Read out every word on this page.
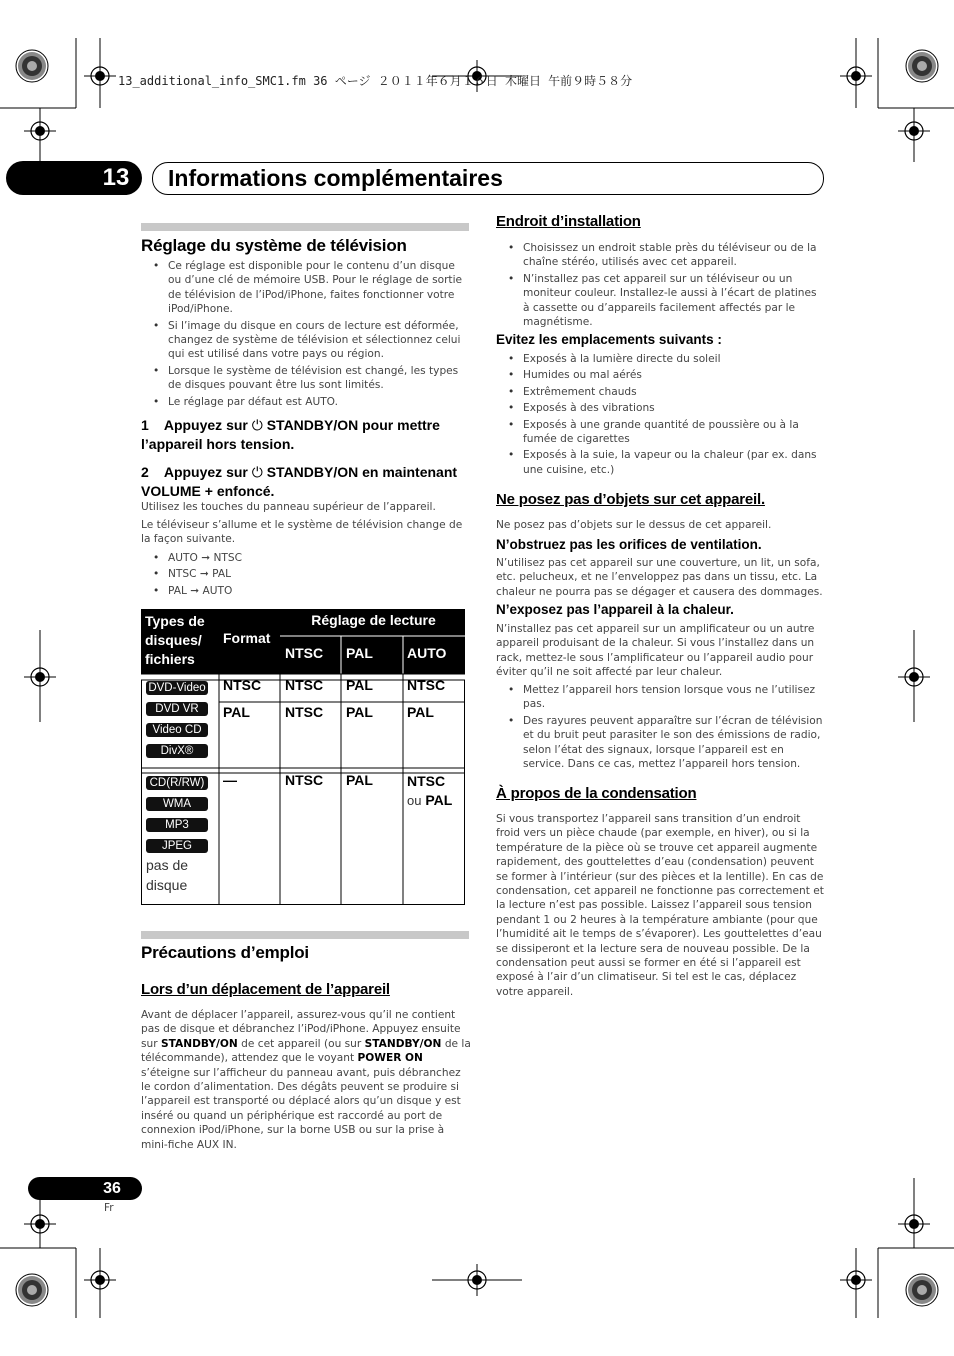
13_additional_info_SMC1.fm 36 ページ ２０１１年６月１６日 木曜日 午前９時５８分
13 Informations complémentaires
Réglage du système de télévision
• Ce réglage est disponible pour le contenu d’un disque ou d’une clé de mémoire USB. Pour le réglage de sortie de télévision de l’iPod/iPhone, faites fonctionner votre iPod/iPhone.
• Si l’image du disque en cours de lecture est déformée, changez de système de télévision et sélectionnez celui qui est utilisé dans votre pays ou région.
• Lorsque le système de télévision est changé, les types de disques pouvant être lus sont limités.
• Le réglage par défaut est AUTO.
1 Appuyez sur ⏻ STANDBY/ON pour mettre l’appareil hors tension.
2 Appuyez sur ⏻ STANDBY/ON en maintenant VOLUME + enfoncé.
Utilisez les touches du panneau supérieur de l’appareil.
Le téléviseur s’allume et le système de télévision change de la façon suivante.
• AUTO ➞ NTSC
• NTSC ➞ PAL
• PAL ➞ AUTO
Types de disques/ fichiers
Format
Réglage de lecture
NTSC PAL AUTO
DVD-Video
DVD VR
Video CD
DivX®
NTSC NTSC PAL NTSC
PAL	NTSC PAL PAL
CD(R/RW)
WMA
MP3
JPEG
pas de disque
—	NTSC PAL NTSC
ou PAL
Précautions d’emploi
Lors d’un déplacement de l’appareil
Avant de déplacer l’appareil, assurez-vous qu’il ne contient pas de disque et débranchez l’iPod/iPhone. Appuyez ensuite sur STANDBY/ON de cet appareil (ou sur STANDBY/ON de la télécommande), attendez que le voyant POWER ON s’éteigne sur l’afficheur du panneau avant, puis débranchez le cordon d’alimentation. Des dégâts peuvent se produire si l’appareil est transporté ou déplacé alors qu’un disque y est inséré ou quand un périphérique est raccordé au port de connexion iPod/iPhone, sur la borne USB ou sur la prise à mini-fiche AUX IN.
Endroit d’installation
• Choisissez un endroit stable près du téléviseur ou de la chaîne stéréo, utilisés avec cet appareil.
• N’installez pas cet appareil sur un téléviseur ou un moniteur couleur. Installez-le aussi à l’écart de platines à cassette ou d’appareils facilement affectés par le magnétisme.
Evitez les emplacements suivants :
• Exposés à la lumière directe du soleil
• Humides ou mal aérés
• Extrêmement chauds
• Exposés à des vibrations
• Exposés à une grande quantité de poussière ou à la fumée de cigarettes
• Exposés à la suie, la vapeur ou la chaleur (par ex. dans une cuisine, etc.)
Ne posez pas d’objets sur cet appareil.
Ne posez pas d’objets sur le dessus de cet appareil.
N’obstruez pas les orifices de ventilation.
N’utilisez pas cet appareil sur une couverture, un lit, un sofa, etc. pelucheux, et ne l’enveloppez pas dans un tissu, etc. La chaleur ne pourra pas se dégager et causera des dommages.
N’exposez pas l’appareil à la chaleur.
N’installez pas cet appareil sur un amplificateur ou un autre appareil produisant de la chaleur. Si vous l’installez dans un rack, mettez-le sous l’amplificateur ou l’appareil audio pour éviter qu’il ne soit affecté par leur chaleur.
• Mettez l’appareil hors tension lorsque vous ne l’utilisez pas.
• Des rayures peuvent apparaître sur l’écran de télévision et du bruit peut parasiter le son des émissions de radio, selon l’état des signaux, lorsque l’appareil est en service. Dans ce cas, mettez l’appareil hors tension.
À propos de la condensation
Si vous transportez l’appareil sans transition d’un endroit froid vers un pièce chaude (par exemple, en hiver), ou si la température de la pièce où se trouve cet appareil augmente rapidement, des gouttelettes d’eau (condensation) peuvent se former à l’intérieur (sur des pièces et la lentille). En cas de condensation, cet appareil ne fonctionne pas correctement et la lecture n’est pas possible. Laissez l’appareil sous tension pendant 1 ou 2 heures à la température ambiante (pour que l’humidité ait le temps de s’évaporer). Les gouttelettes d’eau se dissiperont et la lecture sera de nouveau possible. De la condensation peut aussi se former en été si l’appareil est exposé à l’air d’un climatiseur. Si tel est le cas, déplacez votre appareil.
36
Fr
